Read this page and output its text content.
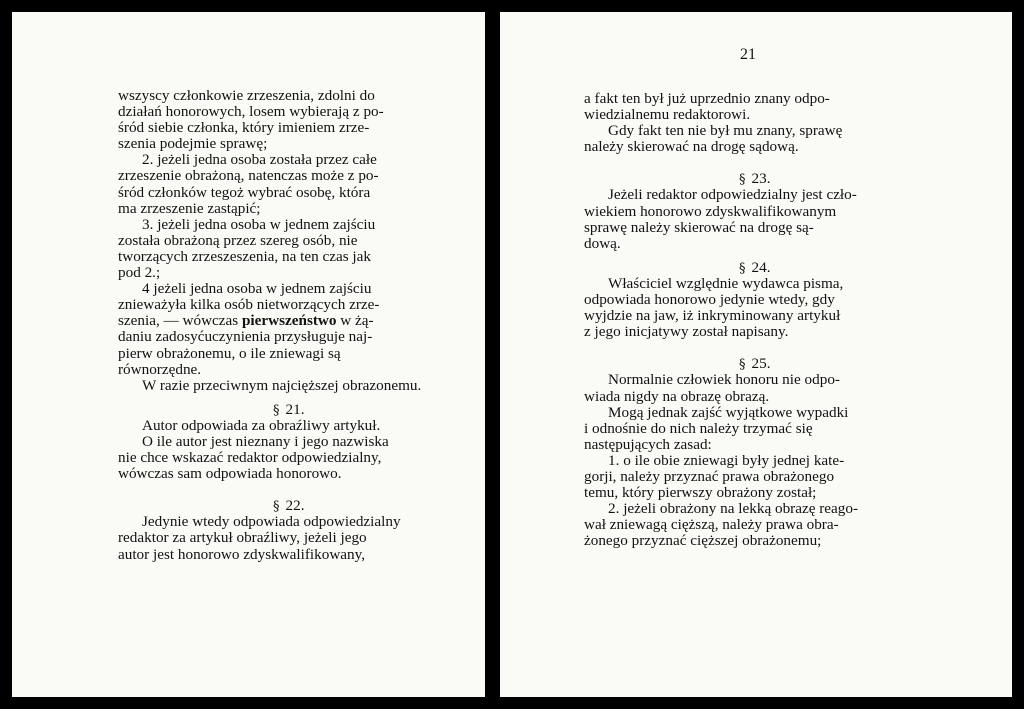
wszyscy członkowie zrzeszenia, zdolni do
działań honorowych, losem wybierają z po-
śród siebie członka, który imieniem zrze-
szenia podejmie sprawę;
2. jeżeli jedna osoba została przez całe
zrzeszenie obrażoną, natenczas może z po-
śród członków tegoż wybrać osobę, która
ma zrzeszenie zastąpić;
3. jeżeli jedna osoba w jednem zajściu
została obrażoną przez szereg osób, nie
tworzących zrzeszeszenia, na ten czas jak
pod 2.;
4 jeżeli jedna osoba w jednem zajściu
znieważyła kilka osób nietworzących zrze-
szenia, — wówczas pierwszeństwo w żą-
daniu zadosyćuczynienia przysługuje naj-
pierw obrażonemu, o ile zniewagi są
równorzędne.
W razie przeciwnym najcięższej obrazonemu.
§ 21.
Autor odpowiada za obraźliwy artykuł.
O ile autor jest nieznany i jego nazwiska
nie chce wskazać redaktor odpowiedzialny,
wówczas sam odpowiada honorowo.
§ 22.
Jedynie wtedy odpowiada odpowiedzialny
redaktor za artykuł obraźliwy, jeżeli jego
autor jest honorowo zdyskwalifikowany,
21
a fakt ten był już uprzednio znany odpo-
wiedzialnemu redaktorowi.
Gdy fakt ten nie był mu znany, sprawę
należy skierować na drogę sądową.
§ 23.
Jeżeli redaktor odpowiedzialny jest czło-
wiekiem honorowo zdyskwalifikowanym
sprawę należy skierować na drogę są-
dową.
§ 24.
Właściciel względnie wydawca pisma,
odpowiada honorowo jedynie wtedy, gdy
wyjdzie na jaw, iż inkryminowany artykuł
z jego inicjatywy został napisany.
§ 25.
Normalnie człowiek honoru nie odpo-
wiada nigdy na obrazę obrazą.
Mogą jednak zajść wyjątkowe wypadki
i odnośnie do nich należy trzymać się
następujących zasad:
1. o ile obie zniewagi były jednej kate-
gorji, należy przyznać prawa obrażonego
temu, który pierwszy obrażony został;
2. jeżeli obrażony na lekką obrazę reago-
wał zniewagą cięższą, należy prawa obra-
żonego przyznać cięższej obrażonemu;
